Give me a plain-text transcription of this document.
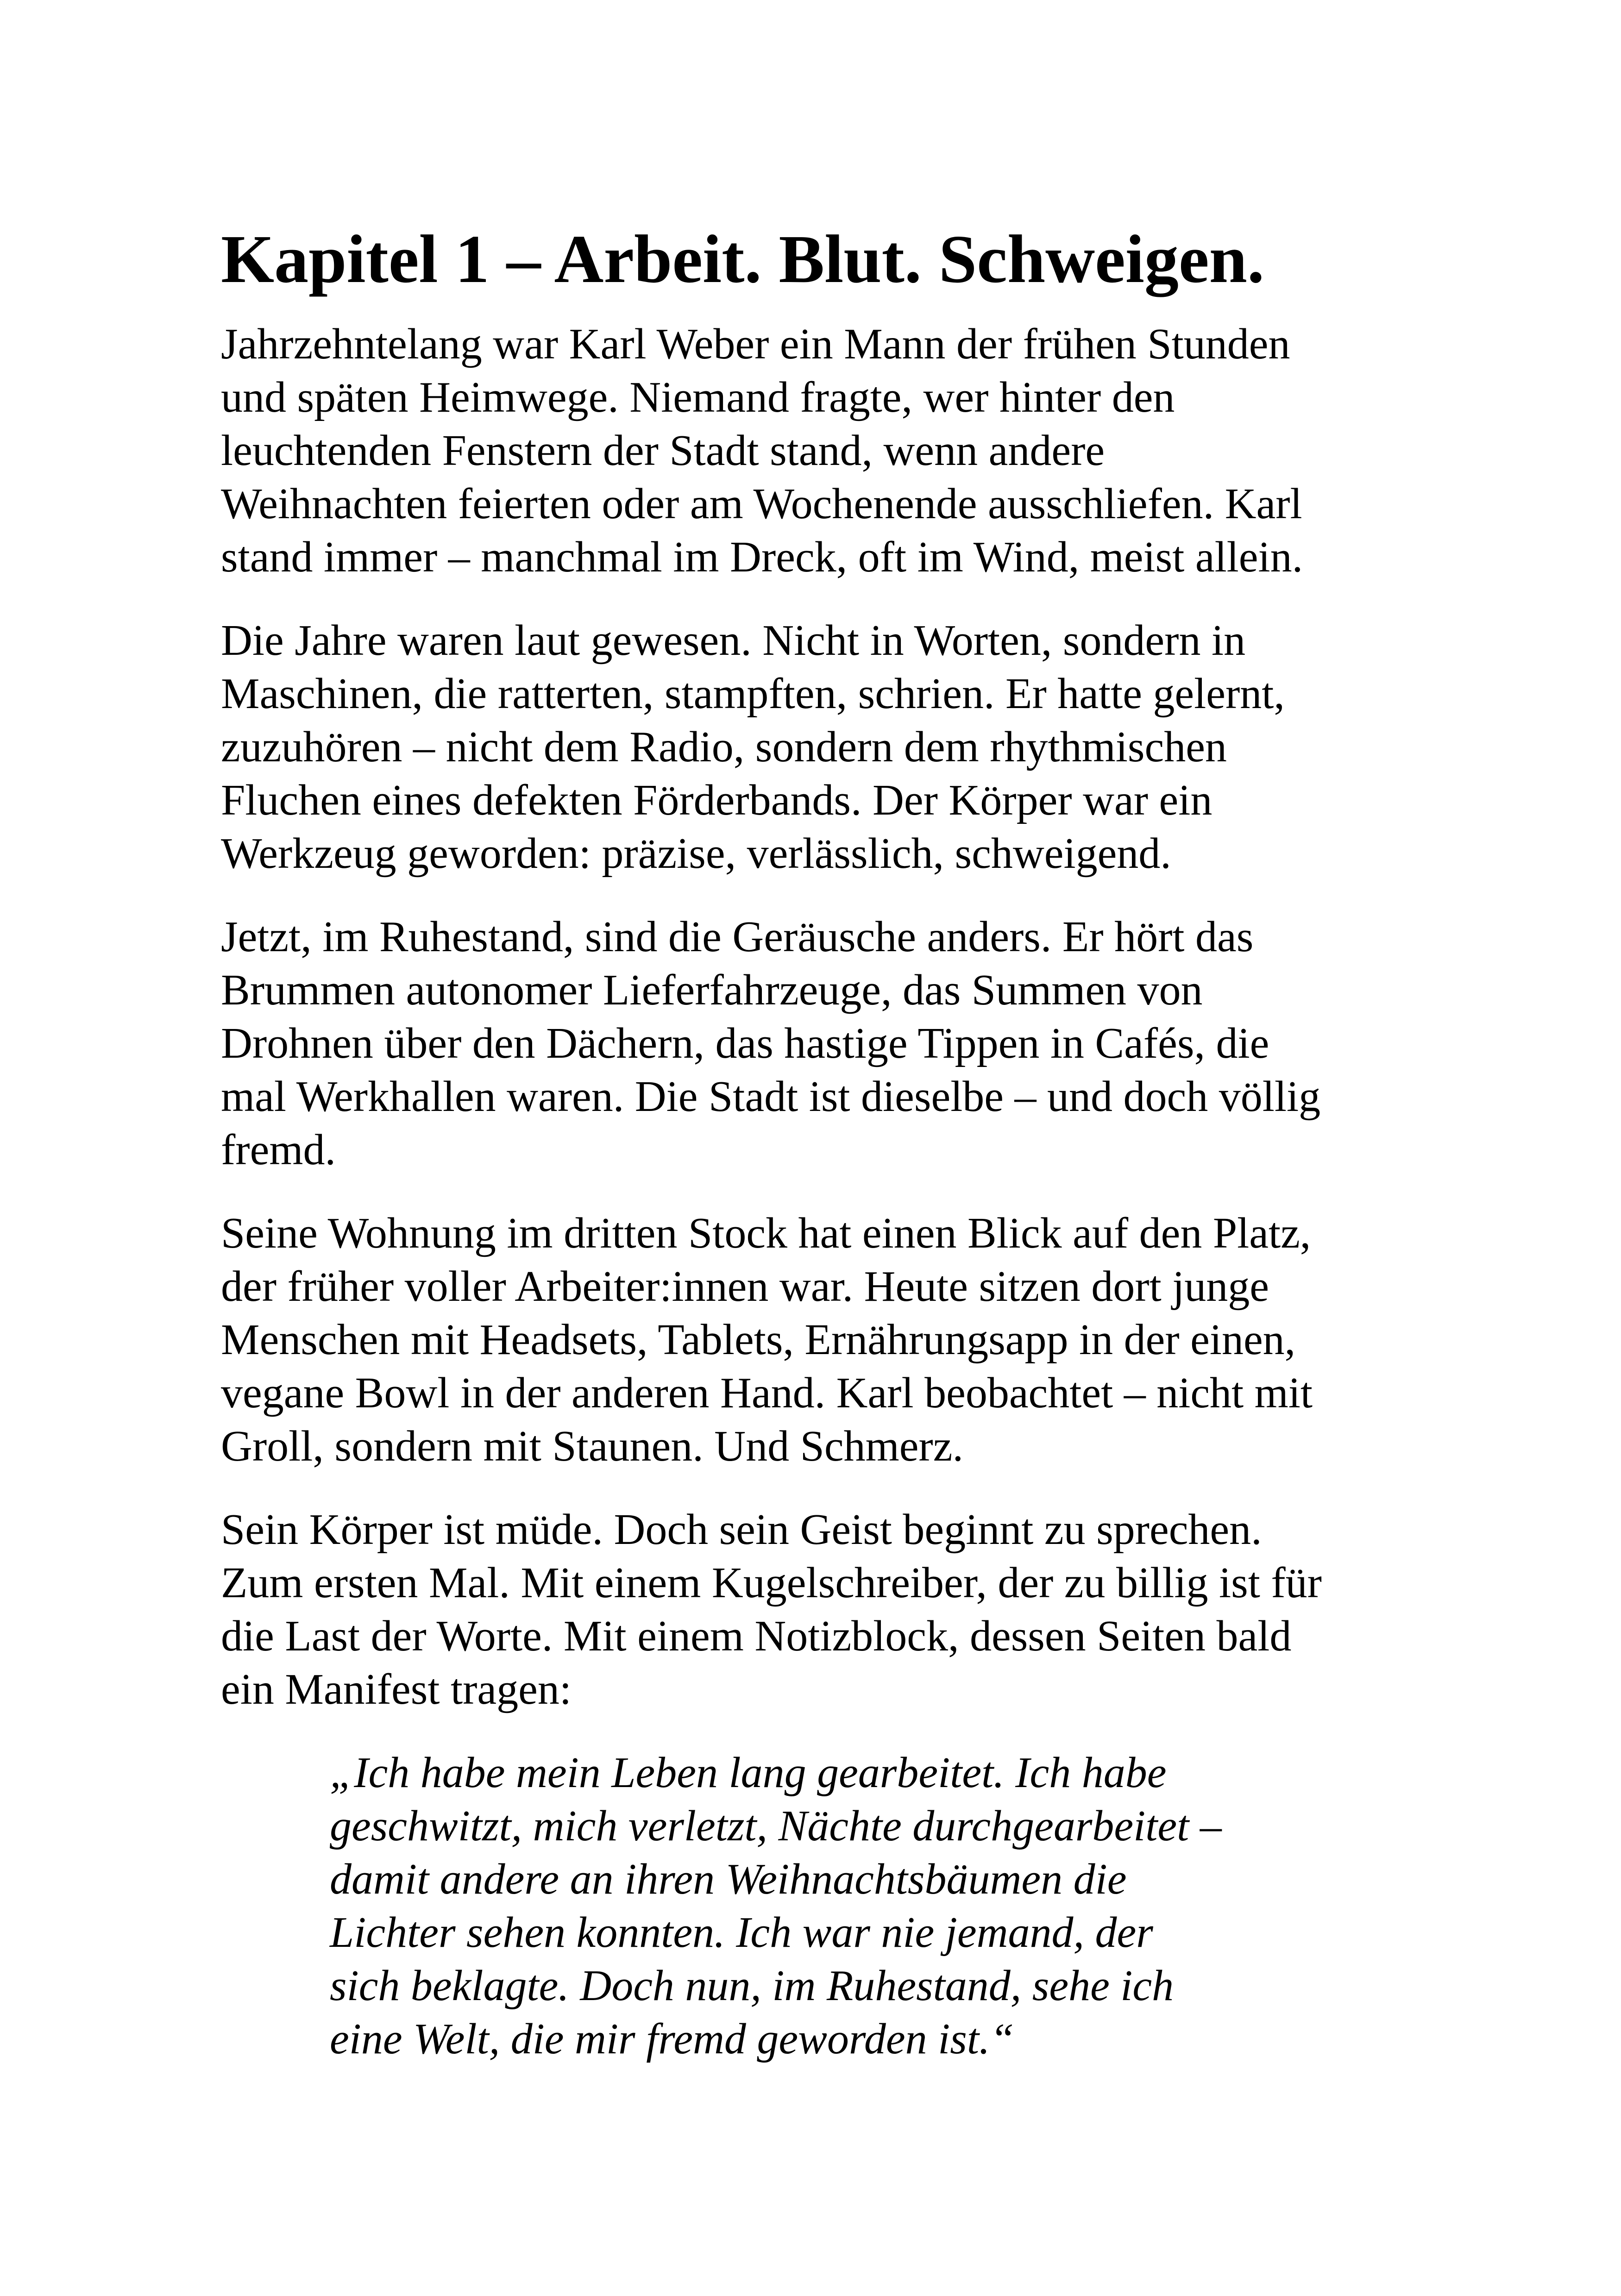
Kapitel 1 – Arbeit. Blut. Schweigen.

Jahrzehntelang war Karl Weber ein Mann der frühen Stunden
und späten Heimwege. Niemand fragte, wer hinter den
leuchtenden Fenstern der Stadt stand, wenn andere
Weihnachten feierten oder am Wochenende ausschliefen. Karl
stand immer – manchmal im Dreck, oft im Wind, meist allein.

Die Jahre waren laut gewesen. Nicht in Worten, sondern in
Maschinen, die ratterten, stampften, schrien. Er hatte gelernt,
zuzuhören – nicht dem Radio, sondern dem rhythmischen
Fluchen eines defekten Förderbands. Der Körper war ein
Werkzeug geworden: präzise, verlässlich, schweigend.

Jetzt, im Ruhestand, sind die Geräusche anders. Er hört das
Brummen autonomer Lieferfahrzeuge, das Summen von
Drohnen über den Dächern, das hastige Tippen in Cafés, die
mal Werkhallen waren. Die Stadt ist dieselbe – und doch völlig
fremd.

Seine Wohnung im dritten Stock hat einen Blick auf den Platz,
der früher voller Arbeiter:innen war. Heute sitzen dort junge
Menschen mit Headsets, Tablets, Ernährungsapp in der einen,
vegane Bowl in der anderen Hand. Karl beobachtet – nicht mit
Groll, sondern mit Staunen. Und Schmerz.

Sein Körper ist müde. Doch sein Geist beginnt zu sprechen.
Zum ersten Mal. Mit einem Kugelschreiber, der zu billig ist für
die Last der Worte. Mit einem Notizblock, dessen Seiten bald
ein Manifest tragen:

„Ich habe mein Leben lang gearbeitet. Ich habe
geschwitzt, mich verletzt, Nächte durchgearbeitet –
damit andere an ihren Weihnachtsbäumen die
Lichter sehen konnten. Ich war nie jemand, der
sich beklagte. Doch nun, im Ruhestand, sehe ich
eine Welt, die mir fremd geworden ist.“
